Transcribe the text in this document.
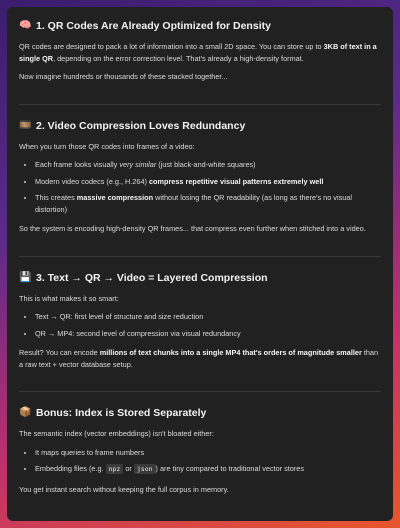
🧠 1. QR Codes Are Already Optimized for Density

QR codes are designed to pack a lot of information into a small 2D space. You can store up to 3KB of text in a single QR, depending on the error correction level. That's already a high-density format.

Now imagine hundreds or thousands of these stacked together...

🎞️ 2. Video Compression Loves Redundancy

When you turn those QR codes into frames of a video:

• Each frame looks visually very similar (just black-and-white squares)
• Modern video codecs (e.g., H.264) compress repetitive visual patterns extremely well
• This creates massive compression without losing the QR readability (as long as there's no visual distortion)

So the system is encoding high-density QR frames... that compress even further when stitched into a video.

💾 3. Text → QR → Video = Layered Compression

This is what makes it so smart:

• Text → QR: first level of structure and size reduction
• QR → MP4: second level of compression via visual redundancy

Result? You can encode millions of text chunks into a single MP4 that's orders of magnitude smaller than a raw text + vector database setup.

📦 Bonus: Index is Stored Separately

The semantic index (vector embeddings) isn't bloated either:

• It maps queries to frame numbers
• Embedding files (e.g. npz or json ) are tiny compared to traditional vector stores

You get instant search without keeping the full corpus in memory.
